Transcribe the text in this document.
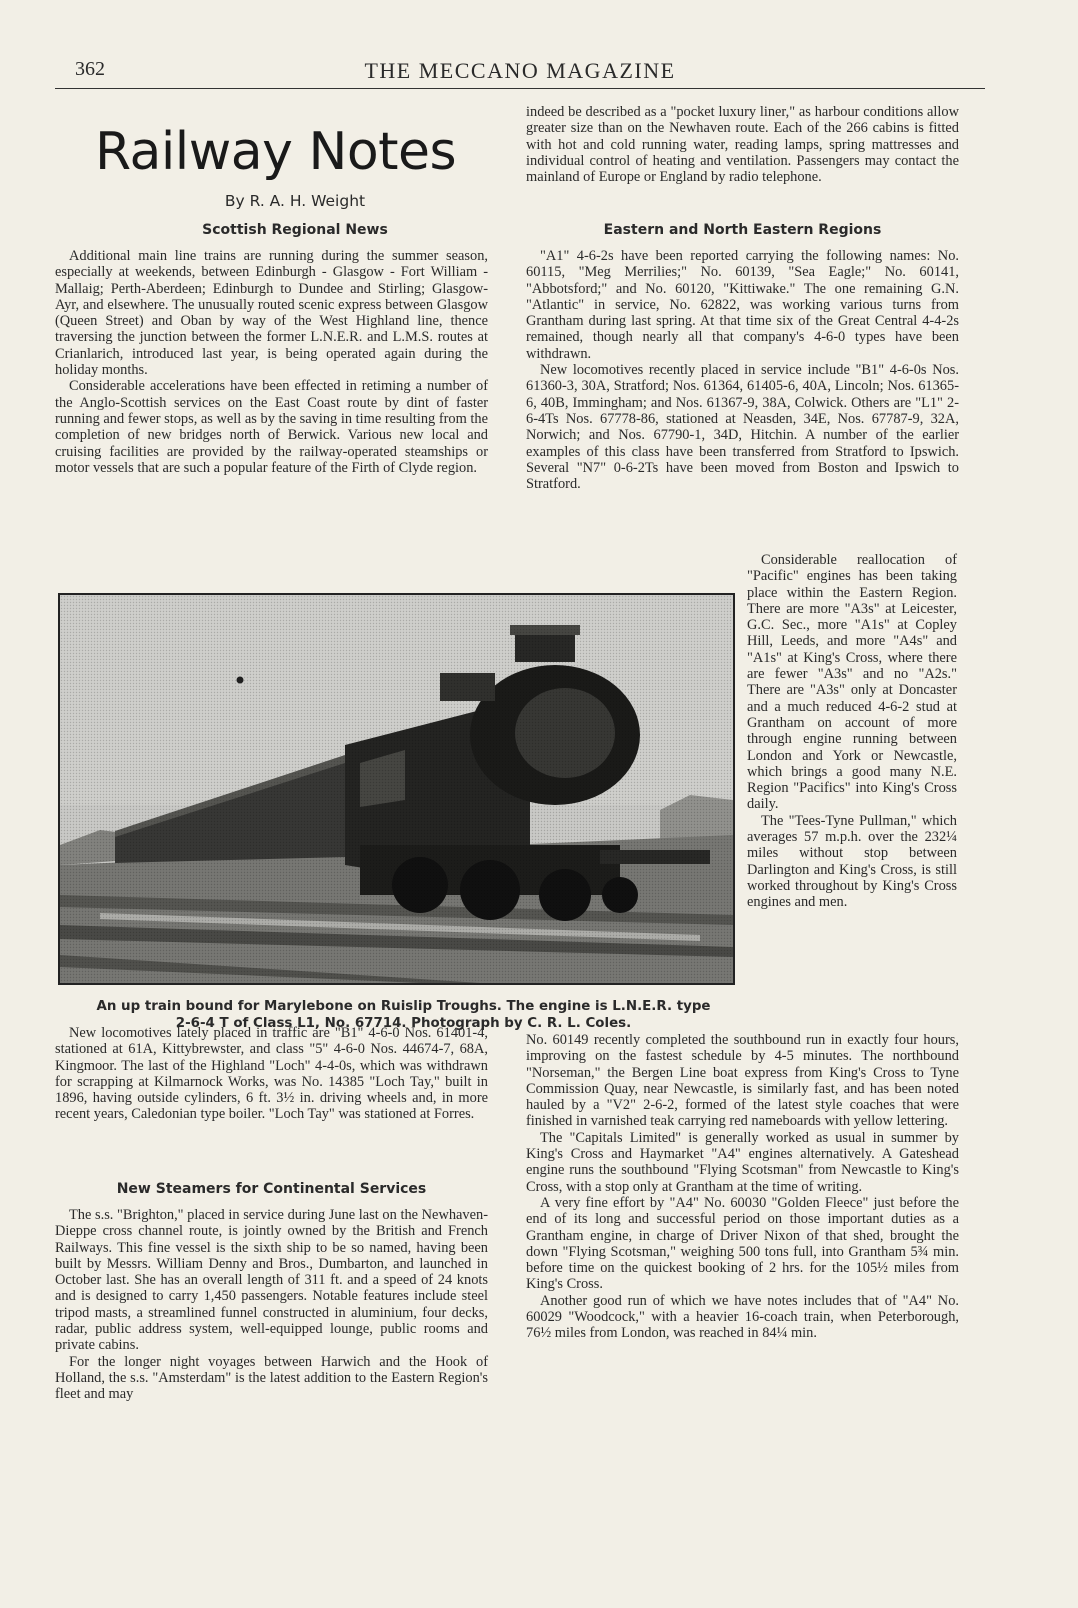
362	THE MECCANO MAGAZINE
Railway Notes
By R. A. H. Weight
Scottish Regional News

Additional main line trains are running during the summer season, especially at weekends, between Edinburgh - Glasgow - Fort William - Mallaig; Perth-Aberdeen; Edinburgh to Dundee and Stirling; Glasgow-Ayr, and elsewhere. The unusually routed scenic express between Glasgow (Queen Street) and Oban by way of the West Highland line, thence traversing the junction between the former L.N.E.R. and L.M.S. routes at Crianlarich, introduced last year, is being operated again during the holiday months.

Considerable accelerations have been effected in retiming a number of the Anglo-Scottish services on the East Coast route by dint of faster running and fewer stops, as well as by the saving in time resulting from the completion of new bridges north of Berwick. Various new local and cruising facilities are provided by the railway-operated steamships or motor vessels that are such a popular feature of the Firth of Clyde region.

indeed be described as a "pocket luxury liner," as harbour conditions allow greater size than on the Newhaven route. Each of the 266 cabins is fitted with hot and cold running water, reading lamps, spring mattresses and individual control of heating and ventilation. Passengers may contact the mainland of Europe or England by radio telephone.

Eastern and North Eastern Regions

"A1" 4-6-2s have been reported carrying the following names: No. 60115, "Meg Merrilies;" No. 60139, "Sea Eagle;" No. 60141, "Abbotsford;" and No. 60120, "Kittiwake." The one remaining G.N. "Atlantic" in service, No. 62822, was working various turns from Grantham during last spring. At that time six of the Great Central 4-4-2s remained, though nearly all that company's 4-6-0 types have been withdrawn.

New locomotives recently placed in service include "B1" 4-6-0s Nos. 61360-3, 30A, Stratford; Nos. 61364, 61405-6, 40A, Lincoln; Nos. 61365-6, 40B, Immingham; and Nos. 61367-9, 38A, Colwick. Others are "L1" 2-6-4Ts Nos. 67778-86, stationed at Neasden, 34E, Nos. 67787-9, 32A, Norwich; and Nos. 67790-1, 34D, Hitchin. A number of the earlier examples of this class have been transferred from Stratford to Ipswich. Several "N7" 0-6-2Ts have been moved from Boston and Ipswich to Stratford.

An up train bound for Marylebone on Ruislip Troughs. The engine is L.N.E.R. type
2-6-4 T of Class L1, No. 67714. Photograph by C. R. L. Coles.

Considerable reallocation of "Pacific" engines has been taking place within the Eastern Region. There are more "A3s" at Leicester, G.C. Sec., more "A1s" at Copley Hill, Leeds, and more "A4s" and "A1s" at King's Cross, where there are fewer "A3s" and no "A2s." There are "A3s" only at Doncaster and a much reduced 4-6-2 stud at Grantham on account of more through engine running between London and York or Newcastle, which brings a good many N.E. Region "Pacifics" into King's Cross daily.

The "Tees-Tyne Pullman," which averages 57 m.p.h. over the 232¼ miles without stop between Darlington and King's Cross, is still worked throughout by King's Cross engines and men.

New locomotives lately placed in traffic are "B1" 4-6-0 Nos. 61401-4, stationed at 61A, Kittybrewster, and class "5" 4-6-0 Nos. 44674-7, 68A, Kingmoor. The last of the Highland "Loch" 4-4-0s, which was withdrawn for scrapping at Kilmarnock Works, was No. 14385 "Loch Tay," built in 1896, having outside cylinders, 6 ft. 3½ in. driving wheels and, in more recent years, Caledonian type boiler. "Loch Tay" was stationed at Forres.

New Steamers for Continental Services

The s.s. "Brighton," placed in service during June last on the Newhaven-Dieppe cross channel route, is jointly owned by the British and French Railways. This fine vessel is the sixth ship to be so named, having been built by Messrs. William Denny and Bros., Dumbarton, and launched in October last. She has an overall length of 311 ft. and a speed of 24 knots and is designed to carry 1,450 passengers. Notable features include steel tripod masts, a streamlined funnel constructed in aluminium, four decks, radar, public address system, well-equipped lounge, public rooms and private cabins.

For the longer night voyages between Harwich and the Hook of Holland, the s.s. "Amsterdam" is the latest addition to the Eastern Region's fleet and may

No. 60149 recently completed the southbound run in exactly four hours, improving on the fastest schedule by 4-5 minutes. The northbound "Norseman," the Bergen Line boat express from King's Cross to Tyne Commission Quay, near Newcastle, is similarly fast, and has been noted hauled by a "V2" 2-6-2, formed of the latest style coaches that were finished in varnished teak carrying red nameboards with yellow lettering.

The "Capitals Limited" is generally worked as usual in summer by King's Cross and Haymarket "A4" engines alternatively. A Gateshead engine runs the southbound "Flying Scotsman" from Newcastle to King's Cross, with a stop only at Grantham at the time of writing.

A very fine effort by "A4" No. 60030 "Golden Fleece" just before the end of its long and successful period on those important duties as a Grantham engine, in charge of Driver Nixon of that shed, brought the down "Flying Scotsman," weighing 500 tons full, into Grantham 5¾ min. before time on the quickest booking of 2 hrs. for the 105½ miles from King's Cross.

Another good run of which we have notes includes that of "A4" No. 60029 "Woodcock," with a heavier 16-coach train, when Peterborough, 76½ miles from London, was reached in 84¼ min.
